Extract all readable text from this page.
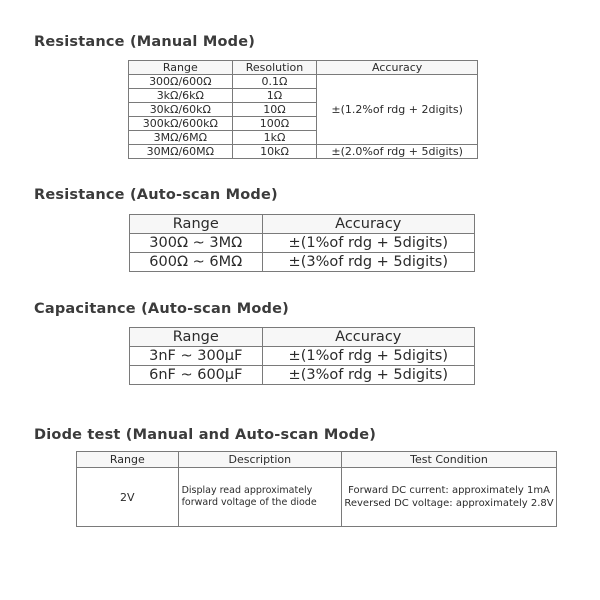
Resistance (Manual Mode)
Range	Resolution	Accuracy
300Ω/600Ω	0.1Ω	±(1.2%of rdg + 2digits)
3kΩ/6kΩ	1Ω	
30kΩ/60kΩ	10Ω	
300kΩ/600kΩ	100Ω	
3MΩ/6MΩ	1kΩ	
30MΩ/60MΩ	10kΩ	±(2.0%of rdg + 5digits)
Resistance (Auto-scan Mode)
Range	Accuracy
300Ω ~ 3MΩ	±(1%of rdg + 5digits)
600Ω ~ 6MΩ	±(3%of rdg + 5digits)
Capacitance (Auto-scan Mode)
Range	Accuracy
3nF ~ 300μF	±(1%of rdg + 5digits)
6nF ~ 600μF	±(3%of rdg + 5digits)
Diode test (Manual and Auto-scan Mode)
Range	Description	Test Condition
2V	Display read approximately forward voltage of the diode	Forward DC current: approximately 1mA
Reversed DC voltage: approximately 2.8V
